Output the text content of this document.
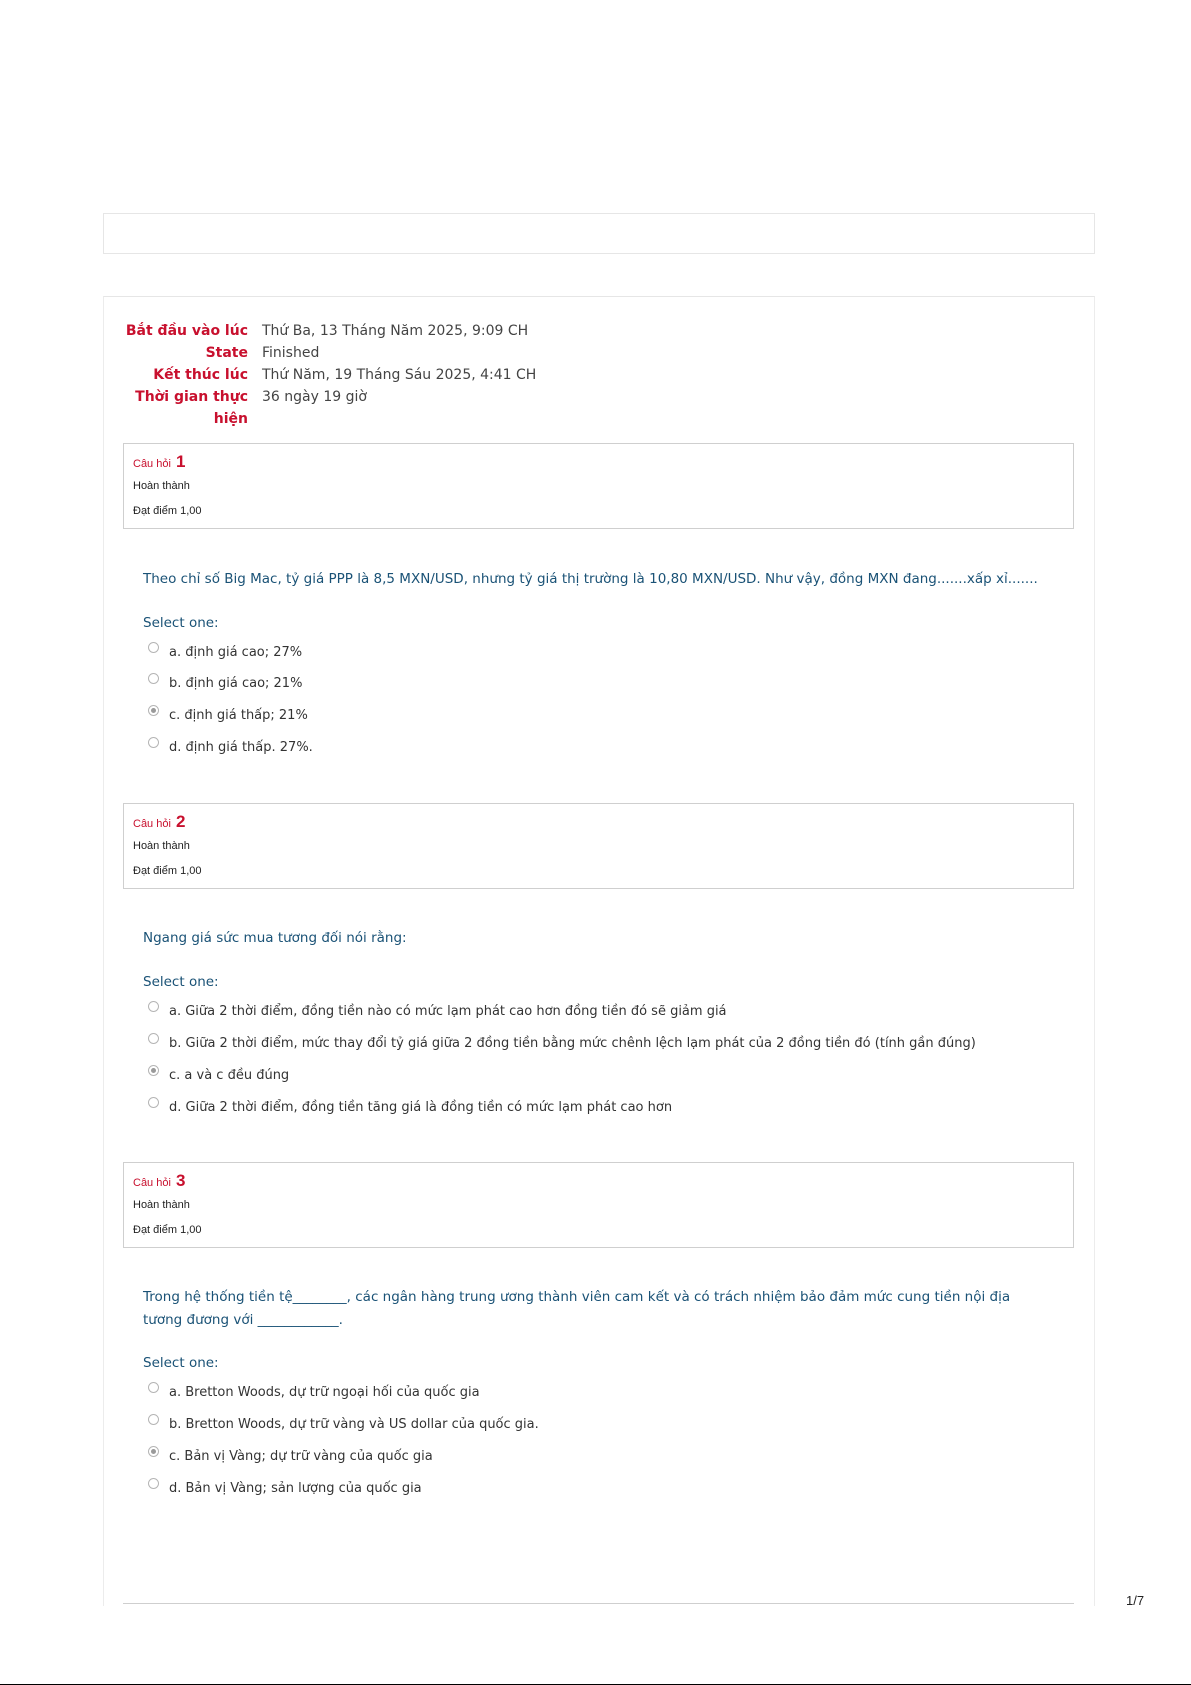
Bắt đầu vào lúc	Thứ Ba, 13 Tháng Năm 2025, 9:09 CH
State	Finished
Kết thúc lúc	Thứ Năm, 19 Tháng Sáu 2025, 4:41 CH
Thời gian thực hiện
36 ngày 19 giờ
Câu hỏi 1
Hoàn thành
Đạt điểm 1,00
Theo chỉ số Big Mac, tỷ giá PPP là 8,5 MXN/USD, nhưng tỷ giá thị trường là 10,80 MXN/USD. Như vậy, đồng MXN đang.......xấp xỉ.......
Select one:
a. định giá cao; 27%
b. định giá cao; 21%
c. định giá thấp; 21%
d. định giá thấp. 27%.
Câu hỏi 2
Hoàn thành
Đạt điểm 1,00
Ngang giá sức mua tương đối nói rằng:
Select one:
a. Giữa 2 thời điểm, đồng tiền nào có mức lạm phát cao hơn đồng tiền đó sẽ giảm giá
b. Giữa 2 thời điểm, mức thay đổi tỷ giá giữa 2 đồng tiền bằng mức chênh lệch lạm phát của 2 đồng tiền đó (tính gần đúng)
c. a và c đều đúng
d. Giữa 2 thời điểm, đồng tiền tăng giá là đồng tiền có mức lạm phát cao hơn
Câu hỏi 3
Hoàn thành
Đạt điểm 1,00
Trong hệ thống tiền tệ________, các ngân hàng trung ương thành viên cam kết và có trách nhiệm bảo đảm mức cung tiền nội địa tương đương với ____________.
Select one:
a. Bretton Woods, dự trữ ngoại hối của quốc gia
b. Bretton Woods, dự trữ vàng và US dollar của quốc gia.
c. Bản vị Vàng; dự trữ vàng của quốc gia
d. Bản vị Vàng; sản lượng của quốc gia
1/7
